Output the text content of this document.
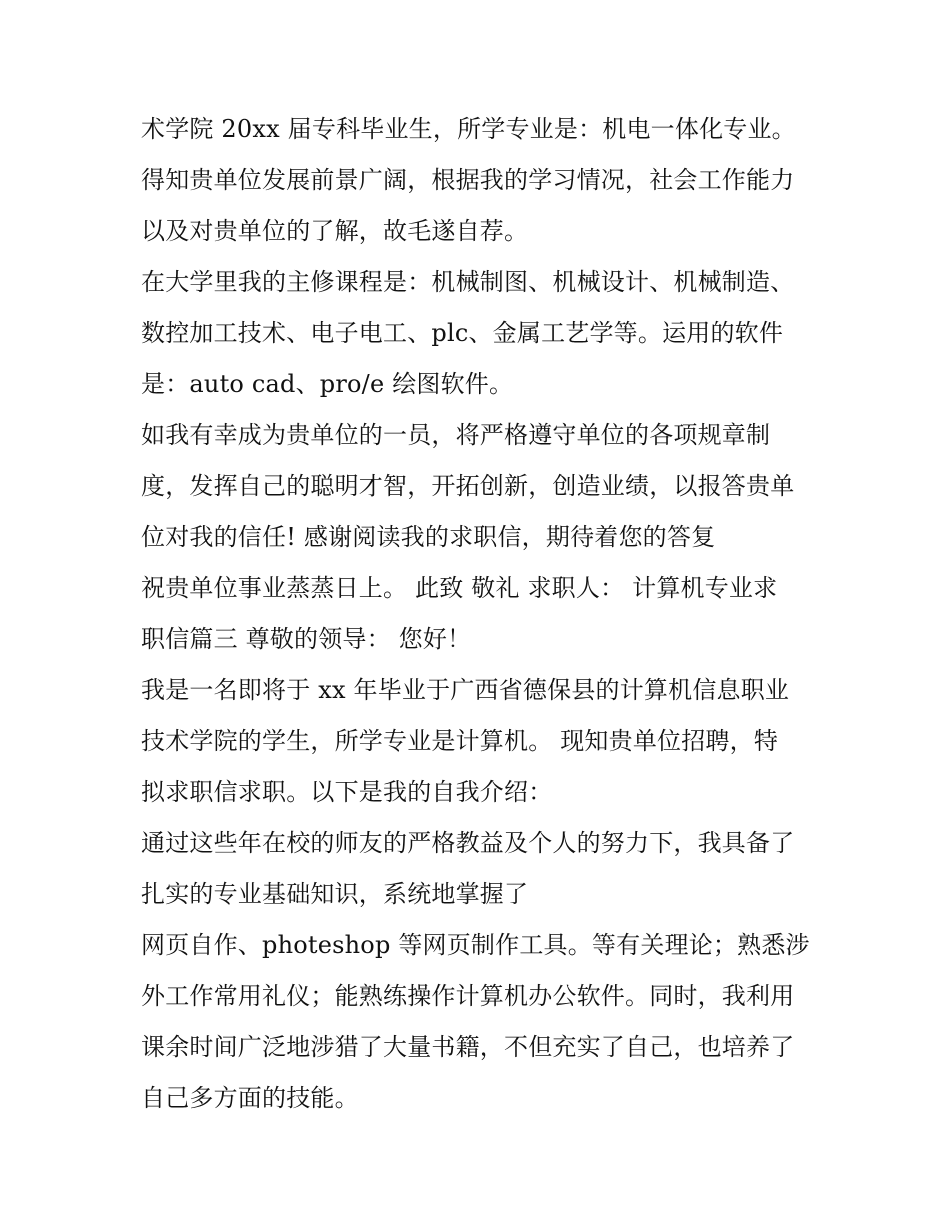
术学院 20xx 届专科毕业生，所学专业是：机电一体化专业。
得知贵单位发展前景广阔，根据我的学习情况，社会工作能力
以及对贵单位的了解，故毛遂自荐。
在大学里我的主修课程是：机械制图、机械设计、机械制造、
数控加工技术、电子电工、plc、金属工艺学等。运用的软件
是：auto cad、pro/e 绘图软件。
如我有幸成为贵单位的一员，将严格遵守单位的各项规章制
度，发挥自己的聪明才智，开拓创新，创造业绩，以报答贵单
位对我的信任! 感谢阅读我的求职信，期待着您的答复
祝贵单位事业蒸蒸日上。 此致 敬礼 求职人： 计算机专业求
职信篇三 尊敬的领导： 您好！
我是一名即将于 xx 年毕业于广西省德保县的计算机信息职业
技术学院的学生，所学专业是计算机。 现知贵单位招聘，特
拟求职信求职。以下是我的自我介绍：
通过这些年在校的师友的严格教益及个人的努力下，我具备了
扎实的专业基础知识，系统地掌握了
网页自作、photeshop 等网页制作工具。等有关理论；熟悉涉
外工作常用礼仪；能熟练操作计算机办公软件。同时，我利用
课余时间广泛地涉猎了大量书籍，不但充实了自己，也培养了
自己多方面的技能。
